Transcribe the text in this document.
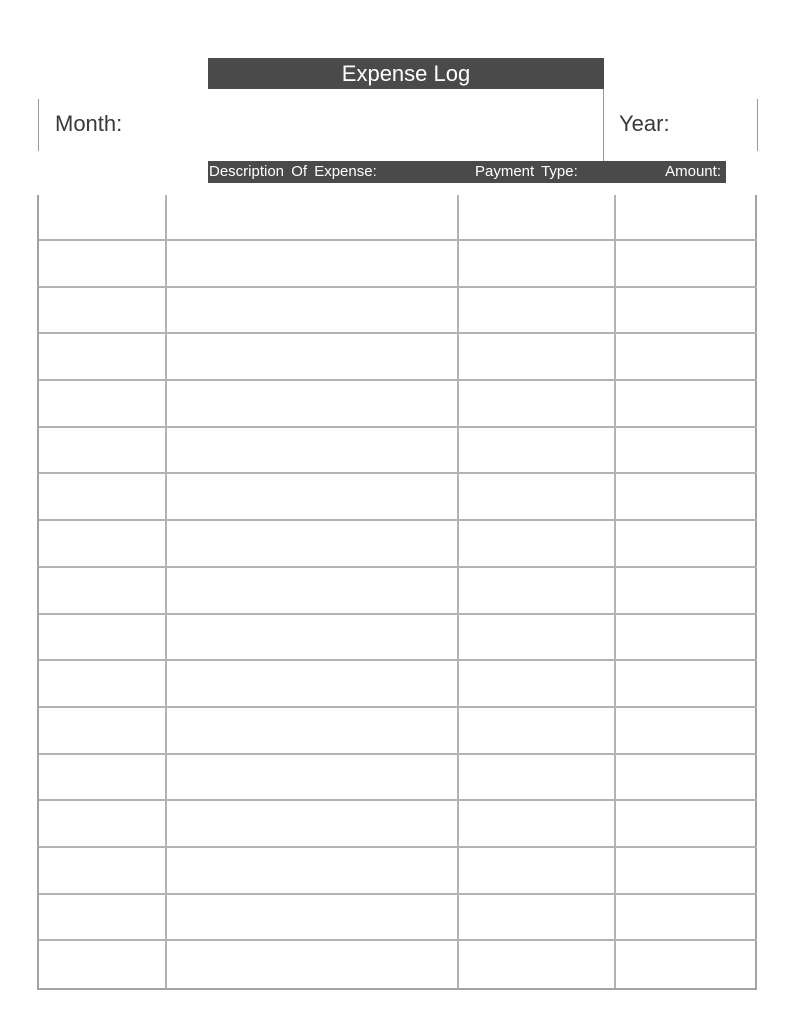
Expense Log
Month:	Year:
Description Of Expense:	Payment Type:	Amount:
